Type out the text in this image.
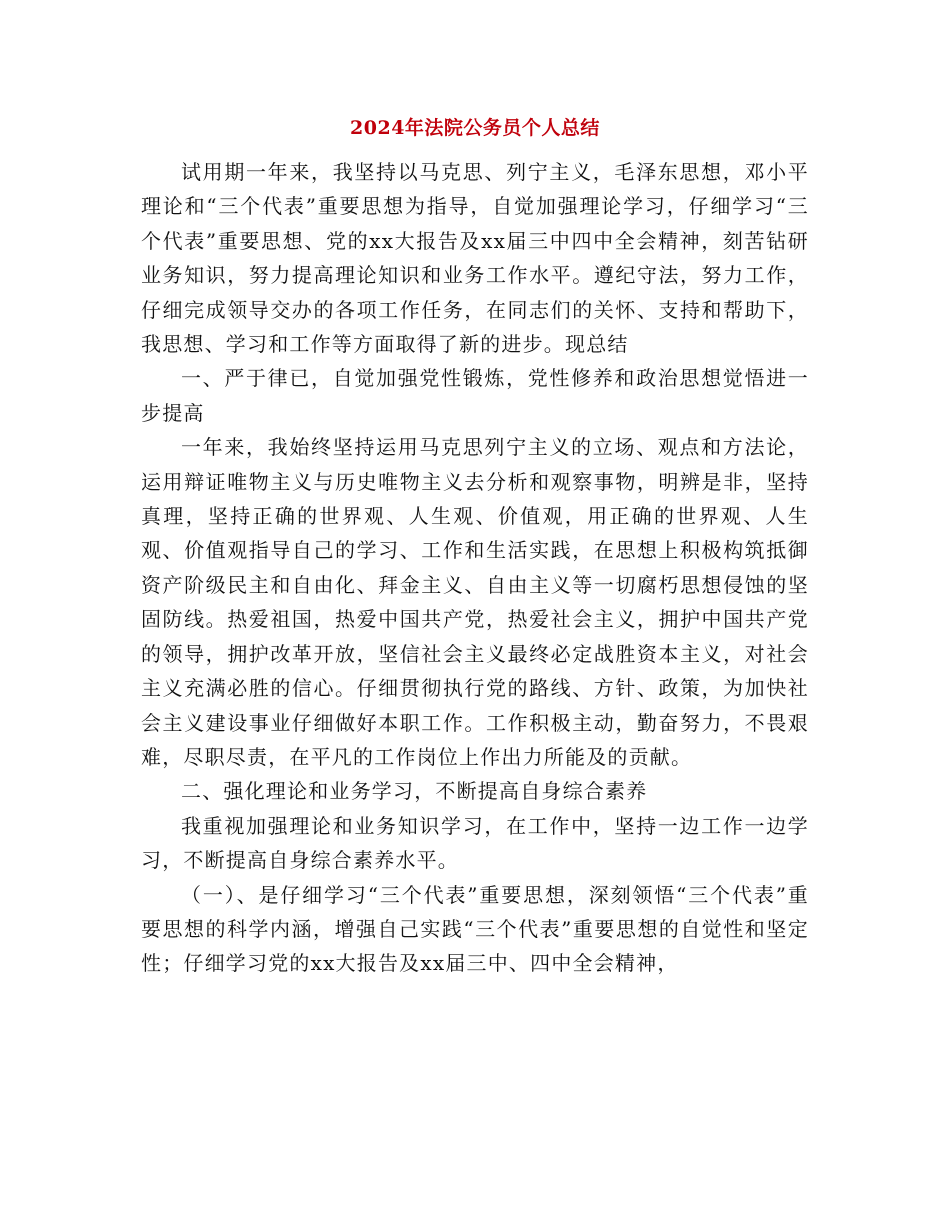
2024年法院公务员个人总结

试用期一年来，我坚持以马克思、列宁主义，毛泽东思想，邓小平理论和“三个代表”重要思想为指导，自觉加强理论学习，仔细学习“三个代表”重要思想、党的xx大报告及xx届三中四中全会精神，刻苦钻研业务知识，努力提高理论知识和业务工作水平。遵纪守法，努力工作，仔细完成领导交办的各项工作任务，在同志们的关怀、支持和帮助下，我思想、学习和工作等方面取得了新的进步。现总结

一、严于律已，自觉加强党性锻炼，党性修养和政治思想觉悟进一步提高

一年来，我始终坚持运用马克思列宁主义的立场、观点和方法论，运用辩证唯物主义与历史唯物主义去分析和观察事物，明辨是非，坚持真理，坚持正确的世界观、人生观、价值观，用正确的世界观、人生观、价值观指导自己的学习、工作和生活实践，在思想上积极构筑抵御资产阶级民主和自由化、拜金主义、自由主义等一切腐朽思想侵蚀的坚固防线。热爱祖国，热爱中国共产党，热爱社会主义，拥护中国共产党的领导，拥护改革开放，坚信社会主义最终必定战胜资本主义，对社会主义充满必胜的信心。仔细贯彻执行党的路线、方针、政策，为加快社会主义建设事业仔细做好本职工作。工作积极主动，勤奋努力，不畏艰难，尽职尽责，在平凡的工作岗位上作出力所能及的贡献。

二、强化理论和业务学习，不断提高自身综合素养

我重视加强理论和业务知识学习，在工作中，坚持一边工作一边学习，不断提高自身综合素养水平。

（一）、是仔细学习“三个代表”重要思想，深刻领悟“三个代表”重要思想的科学内涵，增强自己实践“三个代表”重要思想的自觉性和坚定性；仔细学习党的xx大报告及xx届三中、四中全会精神，
